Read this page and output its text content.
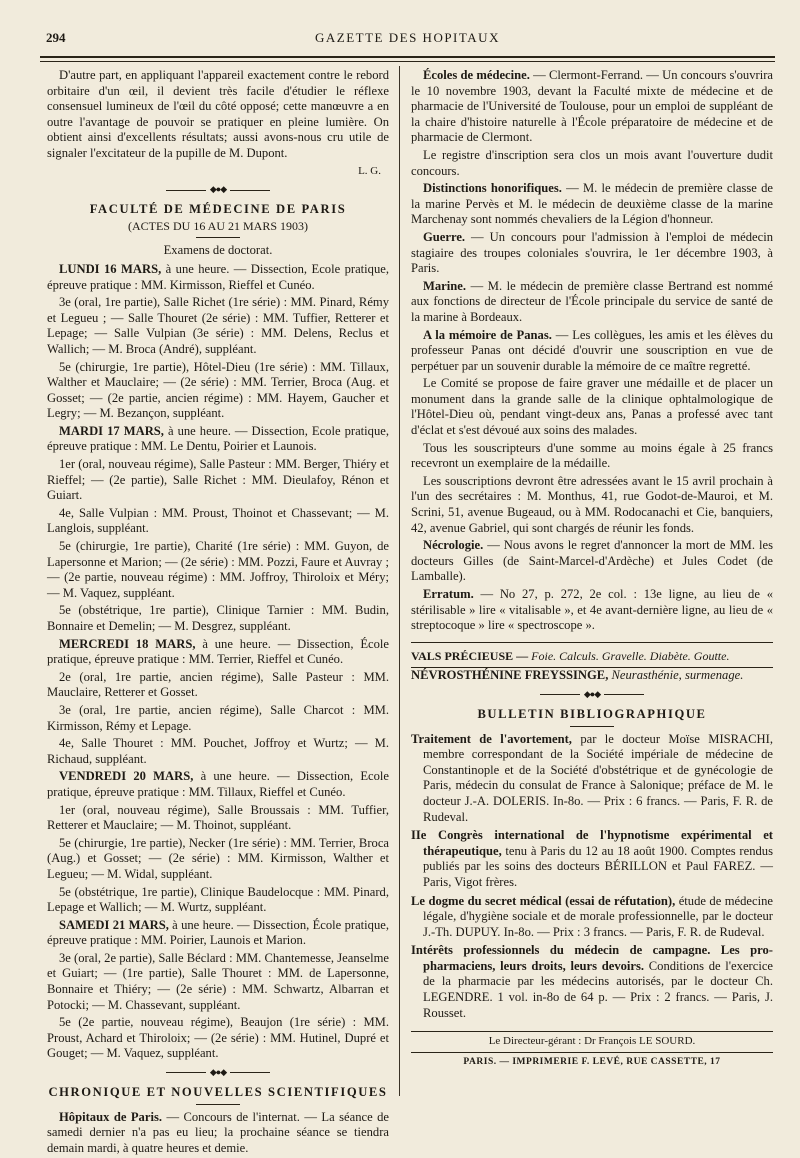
294	GAZETTE DES HOPITAUX

D'autre part, en appliquant l'appareil exactement contre le rebord orbitaire d'un œil, il devient très facile d'étudier le réflexe consensuel lumineux de l'œil du côté opposé; cette manœuvre a en outre l'avantage de pouvoir se pratiquer en pleine lumière. On obtient ainsi d'excellents résultats; aussi avons-nous cru utile de signaler l'excitateur de la pupille de M. Dupont.

L. G.
◆●◆

FACULTÉ DE MÉDECINE DE PARIS

(ACTES DU 16 AU 21 MARS 1903)

Examens de doctorat.

LUNDI 16 MARS, à une heure. — Dissection, Ecole pratique, épreuve pratique : MM. Kirmisson, Rieffel et Cunéo.

3e (oral, 1re partie), Salle Richet (1re série) : MM. Pinard, Rémy et Legueu ; — Salle Thouret (2e série) : MM. Tuffier, Retterer et Lepage; — Salle Vulpian (3e série) : MM. Delens, Reclus et Wallich; — M. Broca (André), suppléant.

5e (chirurgie, 1re partie), Hôtel-Dieu (1re série) : MM. Tillaux, Walther et Mauclaire; — (2e série) : MM. Terrier, Broca (Aug. et Gosset; — (2e partie, ancien régime) : MM. Hayem, Gaucher et Legry; — M. Bezançon, suppléant.

MARDI 17 MARS, à une heure. — Dissection, Ecole pratique, épreuve pratique : MM. Le Dentu, Poirier et Launois.

1er (oral, nouveau régime), Salle Pasteur : MM. Berger, Thiéry et Rieffel; — (2e partie), Salle Richet : MM. Dieulafoy, Rénon et Guiart.

4e, Salle Vulpian : MM. Proust, Thoinot et Chassevant; — M. Langlois, suppléant.

5e (chirurgie, 1re partie), Charité (1re série) : MM. Guyon, de Lapersonne et Marion; — (2e série) : MM. Pozzi, Faure et Auvray ; — (2e partie, nouveau régime) : MM. Joffroy, Thiroloix et Méry; — M. Vaquez, suppléant.

5e (obstétrique, 1re partie), Clinique Tarnier : MM. Budin, Bonnaire et Demelin; — M. Desgrez, suppléant.

MERCREDI 18 MARS, à une heure. — Dissection, École pratique, épreuve pratique : MM. Terrier, Rieffel et Cunéo.

2e (oral, 1re partie, ancien régime), Salle Pasteur : MM. Mauclaire, Retterer et Gosset.

3e (oral, 1re partie, ancien régime), Salle Charcot : MM. Kirmisson, Rémy et Lepage.

4e, Salle Thouret : MM. Pouchet, Joffroy et Wurtz; — M. Richaud, suppléant.

VENDREDI 20 MARS, à une heure. — Dissection, Ecole pratique, épreuve pratique : MM. Tillaux, Rieffel et Cunéo.

1er (oral, nouveau régime), Salle Broussais : MM. Tuffier, Retterer et Mauclaire; — M. Thoinot, suppléant.

5e (chirurgie, 1re partie), Necker (1re série) : MM. Terrier, Broca (Aug.) et Gosset; — (2e série) : MM. Kirmisson, Walther et Legueu; — M. Widal, suppléant.

5e (obstétrique, 1re partie), Clinique Baudelocque : MM. Pinard, Lepage et Wallich; — M. Wurtz, suppléant.

SAMEDI 21 MARS, à une heure. — Dissection, École pratique, épreuve pratique : MM. Poirier, Launois et Marion.

3e (oral, 2e partie), Salle Béclard : MM. Chantemesse, Jeanselme et Guiart; — (1re partie), Salle Thouret : MM. de Lapersonne, Bonnaire et Thiéry; — (2e série) : MM. Schwartz, Albarran et Potocki; — M. Chassevant, suppléant.

5e (2e partie, nouveau régime), Beaujon (1re série) : MM. Proust, Achard et Thiroloix; — (2e série) : MM. Hutinel, Dupré et Gouget; — M. Vaquez, suppléant.

◆●◆

CHRONIQUE ET NOUVELLES SCIENTIFIQUES

Hôpitaux de Paris. — Concours de l'internat. — La séance de samedi dernier n'a pas eu lieu; la prochaine séance se tiendra demain mardi, à quatre heures et demie.

Écoles de médecine. — Clermont-Ferrand. — Un concours s'ouvrira le 10 novembre 1903, devant la Faculté mixte de médecine et de pharmacie de l'Université de Toulouse, pour un emploi de suppléant de la chaire d'histoire naturelle à l'École préparatoire de médecine et de pharmacie de Clermont.

Le registre d'inscription sera clos un mois avant l'ouverture dudit concours.

Distinctions honorifiques. — M. le médecin de première classe de la marine Pervès et M. le médecin de deuxième classe de la marine Marchenay sont nommés chevaliers de la Légion d'honneur.

Guerre. — Un concours pour l'admission à l'emploi de médecin stagiaire des troupes coloniales s'ouvrira, le 1er décembre 1903, à Paris.

Marine. — M. le médecin de première classe Bertrand est nommé aux fonctions de directeur de l'École principale du service de santé de la marine à Bordeaux.

A la mémoire de Panas. — Les collègues, les amis et les élèves du professeur Panas ont décidé d'ouvrir une souscription en vue de perpétuer par un souvenir durable la mémoire de ce maître regretté.

Le Comité se propose de faire graver une médaille et de placer un monument dans la grande salle de la clinique ophtalmologique de l'Hôtel-Dieu où, pendant vingt-deux ans, Panas a professé avec tant d'éclat et s'est dévoué aux soins des malades.

Tous les souscripteurs d'une somme au moins égale à 25 francs recevront un exemplaire de la médaille.

Les souscriptions devront être adressées avant le 15 avril prochain à l'un des secrétaires : M. Monthus, 41, rue Godot-de-Mauroi, et M. Scrini, 51, avenue Bugeaud, ou à MM. Rodocanachi et Cie, banquiers, 42, avenue Gabriel, qui sont chargés de réunir les fonds.

Nécrologie. — Nous avons le regret d'annoncer la mort de MM. les docteurs Gilles (de Saint-Marcel-d'Ardèche) et Jules Codet (de Lamballe).

Erratum. — No 27, p. 272, 2e col. : 13e ligne, au lieu de « stérilisable » lire « vitalisable », et 4e avant-dernière ligne, au lieu de « streptocoque » lire « spectroscope ».

VALS PRÉCIEUSE — Foie. Calculs. Gravelle. Diabète. Goutte.

NÉVROSTHÉNINE FREYSSINGE, Neurasthénie, surmenage.

◆●◆

BULLETIN BIBLIOGRAPHIQUE

Traitement de l'avortement, par le docteur Moïse MISRACHI, membre correspondant de la Société impériale de médecine de Constantinople et de la Société d'obstétrique et de gynécologie de Paris, médecin du consulat de France à Salonique; préface de M. le docteur J.-A. DOLERIS. In-8o. — Prix : 6 francs. — Paris, F. R. de Rudeval.

IIe Congrès international de l'hypnotisme expérimental et thérapeutique, tenu à Paris du 12 au 18 août 1900. Comptes rendus publiés par les soins des docteurs BÉRILLON et Paul FAREZ. — Paris, Vigot frères.

Le dogme du secret médical (essai de réfutation), étude de médecine légale, d'hygiène sociale et de morale professionnelle, par le docteur J.-Th. DUPUY. In-8o. — Prix : 3 francs. — Paris, F. R. de Rudeval.

Intérêts professionnels du médecin de campagne. Les pro-pharmaciens, leurs droits, leurs devoirs. Conditions de l'exercice de la pharmacie par les médecins autorisés, par le docteur Ch. LEGENDRE. 1 vol. in-8o de 64 p. — Prix : 2 francs. — Paris, J. Rousset.

Le Directeur-gérant : Dr François LE SOURD.
PARIS. — IMPRIMERIE F. LEVÉ, RUE CASSETTE, 17
